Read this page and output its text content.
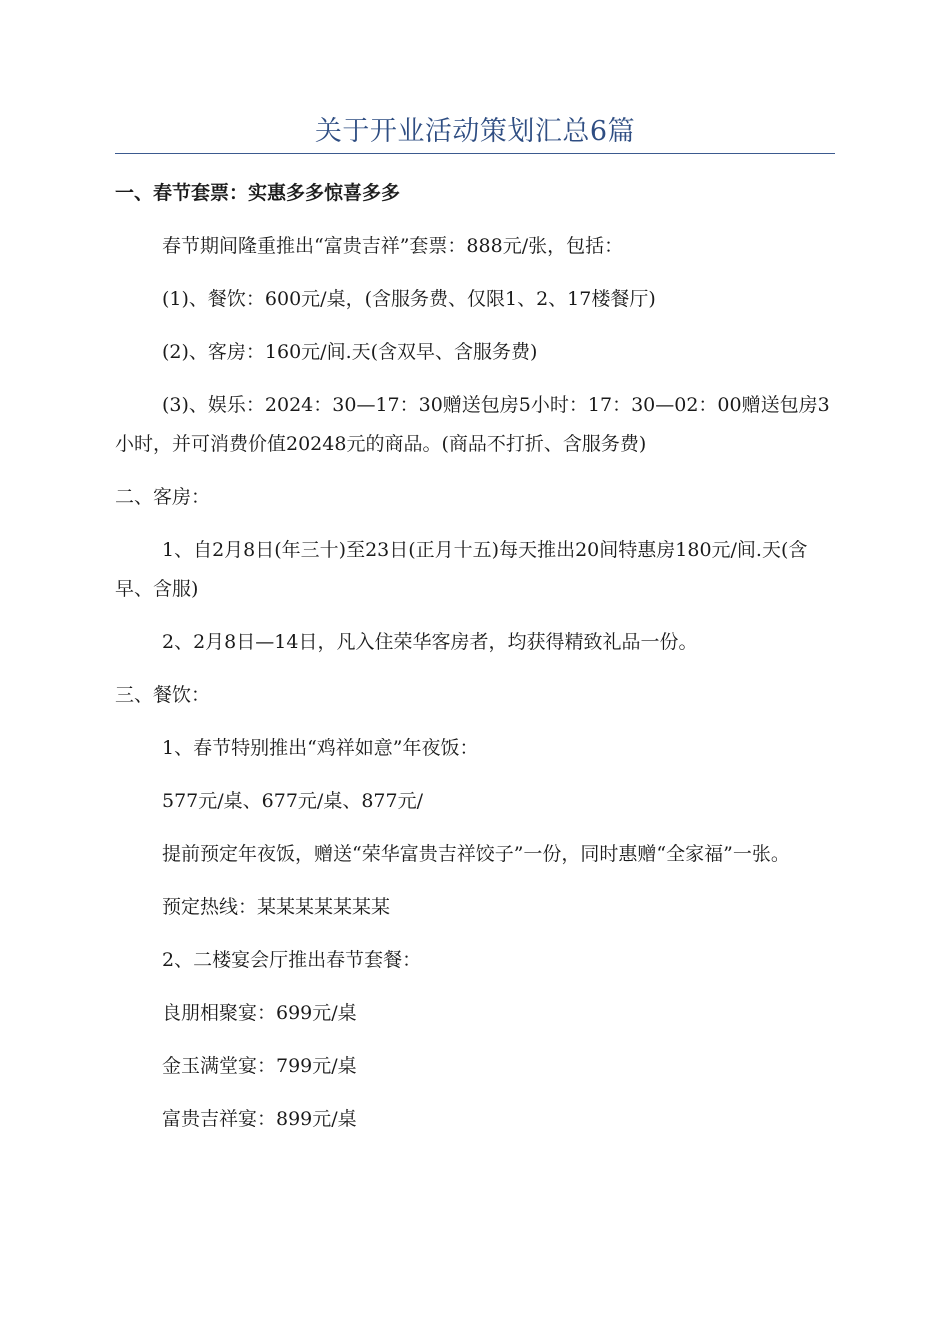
关于开业活动策划汇总6篇

一、春节套票：实惠多多惊喜多多

春节期间隆重推出“富贵吉祥”套票：888元/张，包括：

(1)、餐饮：600元/桌，(含服务费、仅限1、2、17楼餐厅)

(2)、客房：160元/间.天(含双早、含服务费)

(3)、娱乐：2024：30—17：30赠送包房5小时：17：30—02：00赠送包房3小时，并可消费价值20248元的商品。(商品不打折、含服务费)

二、客房：

1、自2月8日(年三十)至23日(正月十五)每天推出20间特惠房180元/间.天(含早、含服)

2、2月8日—14日，凡入住荣华客房者，均获得精致礼品一份。

三、餐饮：

1、春节特别推出“鸡祥如意”年夜饭：

577元/桌、677元/桌、877元/

提前预定年夜饭，赠送“荣华富贵吉祥饺子”一份，同时惠赠“全家福”一张。

预定热线：某某某某某某某

2、二楼宴会厅推出春节套餐：

良朋相聚宴：699元/桌

金玉满堂宴：799元/桌

富贵吉祥宴：899元/桌
